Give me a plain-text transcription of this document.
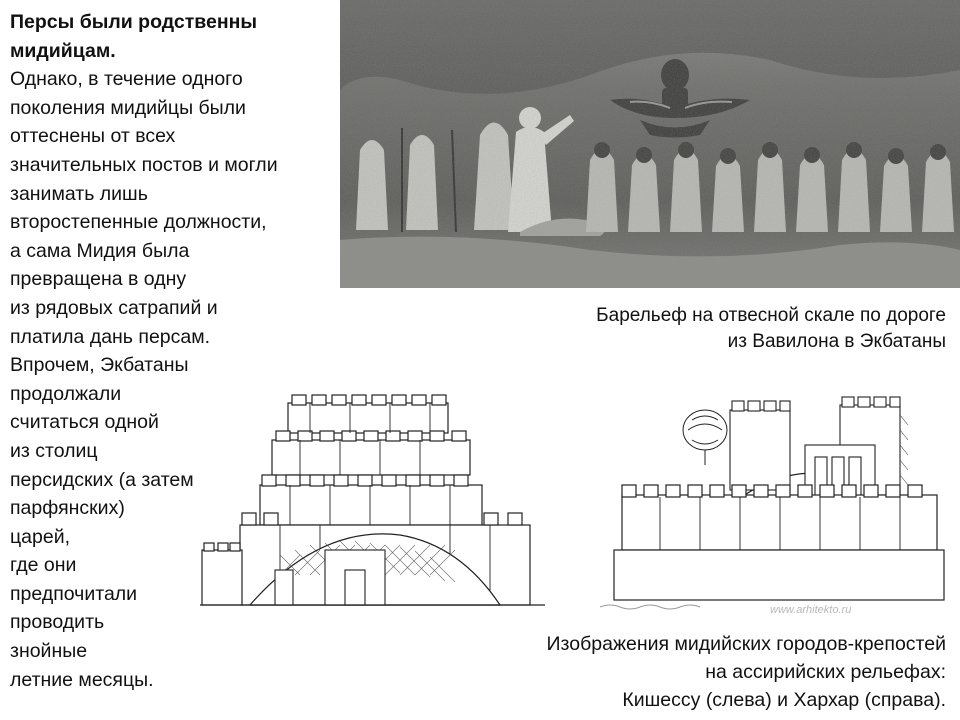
Персы были родственны
мидийцам.
Однако, в течение одного
поколения мидийцы были
оттеснены от всех
значительных постов и могли
занимать лишь
второстепенные должности,
а сама Мидия была
превращена в одну
из рядовых сатрапий и
платила дань персам.
Впрочем, Экбатаны
продолжали
считаться одной
из столиц
персидских (а затем
парфянских)
царей,
где они
предпочитали
проводить
знойные
летние месяцы.
Барельеф на отвесной скале по дороге
из Вавилона в Экбатаны
www.arhitekto.ru
Изображения мидийских городов-крепостей
на ассирийских рельефах:
Кишессу (слева) и Хархар (справа).
